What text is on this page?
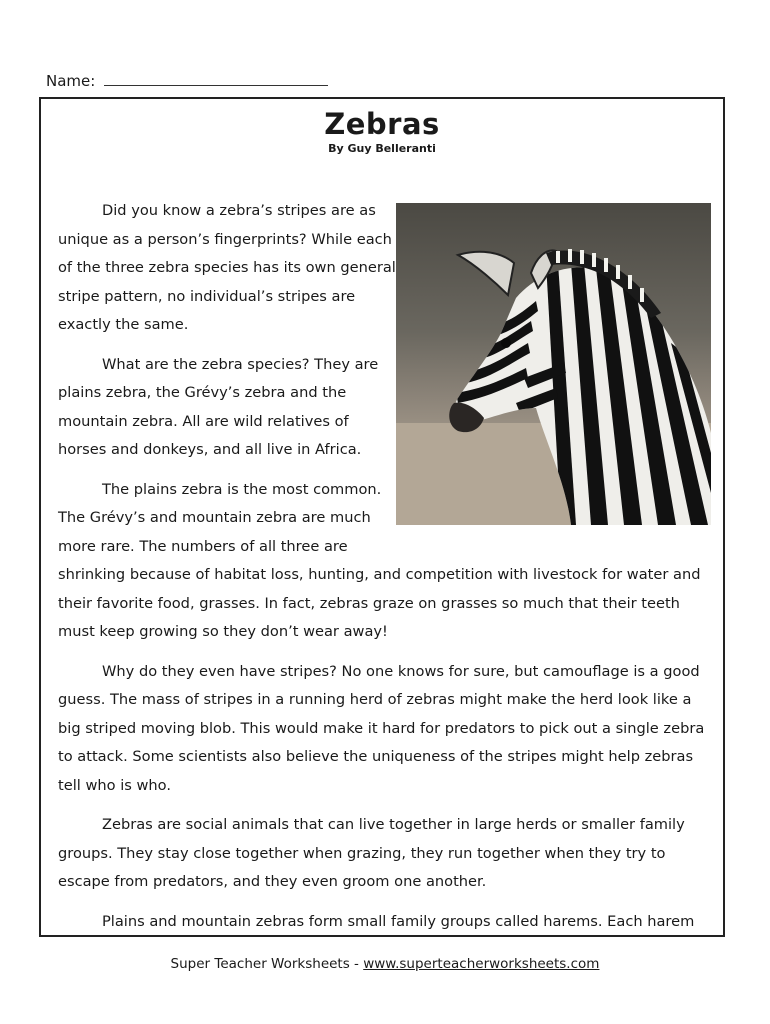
Name:
Zebras
By Guy Belleranti

Did you know a zebra’s stripes are as unique as a person’s fingerprints? While each of the three zebra species has its own general stripe pattern, no individual’s stripes are exactly the same.

What are the zebra species? They are plains zebra, the Grévy’s zebra and the mountain zebra. All are wild relatives of horses and donkeys, and all live in Africa.

The plains zebra is the most common. The Grévy’s and mountain zebra are much more rare. The numbers of all three are shrinking because of habitat loss, hunting, and competition with livestock for water and their favorite food, grasses. In fact, zebras graze on grasses so much that their teeth must keep growing so they don’t wear away!

Why do they even have stripes? No one knows for sure, but camouflage is a good guess. The mass of stripes in a running herd of zebras might make the herd look like a big striped moving blob. This would make it hard for predators to pick out a single zebra to attack. Some scientists also believe the uniqueness of the stripes might help zebras tell who is who.

Zebras are social animals that can live together in large herds or smaller family groups. They stay close together when grazing, they run together when they try to escape from predators, and they even groom one another.

Plains and mountain zebras form small family groups called harems. Each harem

Super Teacher Worksheets - www.superteacherworksheets.com
